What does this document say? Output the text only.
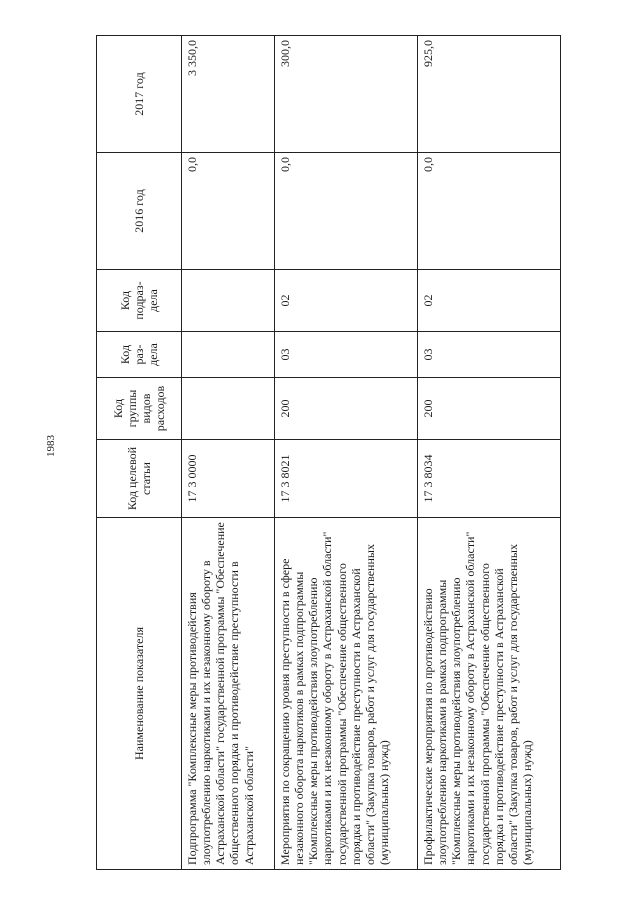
1983
Наименование показателя	Код целевой статьи	Код группы видов расходов	Код раз-дела	Код подраз-дела	2016 год	2017 год
Подпрограмма "Комплексные меры противодействия злоупотреблению наркотиками и их незаконному обороту в Астраханской области" государственной программы "Обеспечение общественного порядка и противодействие преступности в Астраханской области"	17 3 0000				0,0	3 350,0
Мероприятия по сокращению уровня преступности в сфере незаконного оборота наркотиков в рамках подпрограммы "Комплексные меры противодействия злоупотреблению наркотиками и их незаконному обороту в Астраханской области" государственной программы "Обеспечение общественного порядка и противодействие преступности в Астраханской области" (Закупка товаров, работ и услуг для государственных (муниципальных) нужд)	17 3 8021	200	03	02	0,0	300,0
Профилактические мероприятия по противодействию злоупотреблению наркотиками в рамках подпрограммы "Комплексные меры противодействия злоупотреблению наркотиками и их незаконному обороту в Астраханской области" государственной программы "Обеспечение общественного порядка и противодействие преступности в Астраханской области" (Закупка товаров, работ и услуг для государственных (муниципальных) нужд)	17 3 8034	200	03	02	0,0	925,0
